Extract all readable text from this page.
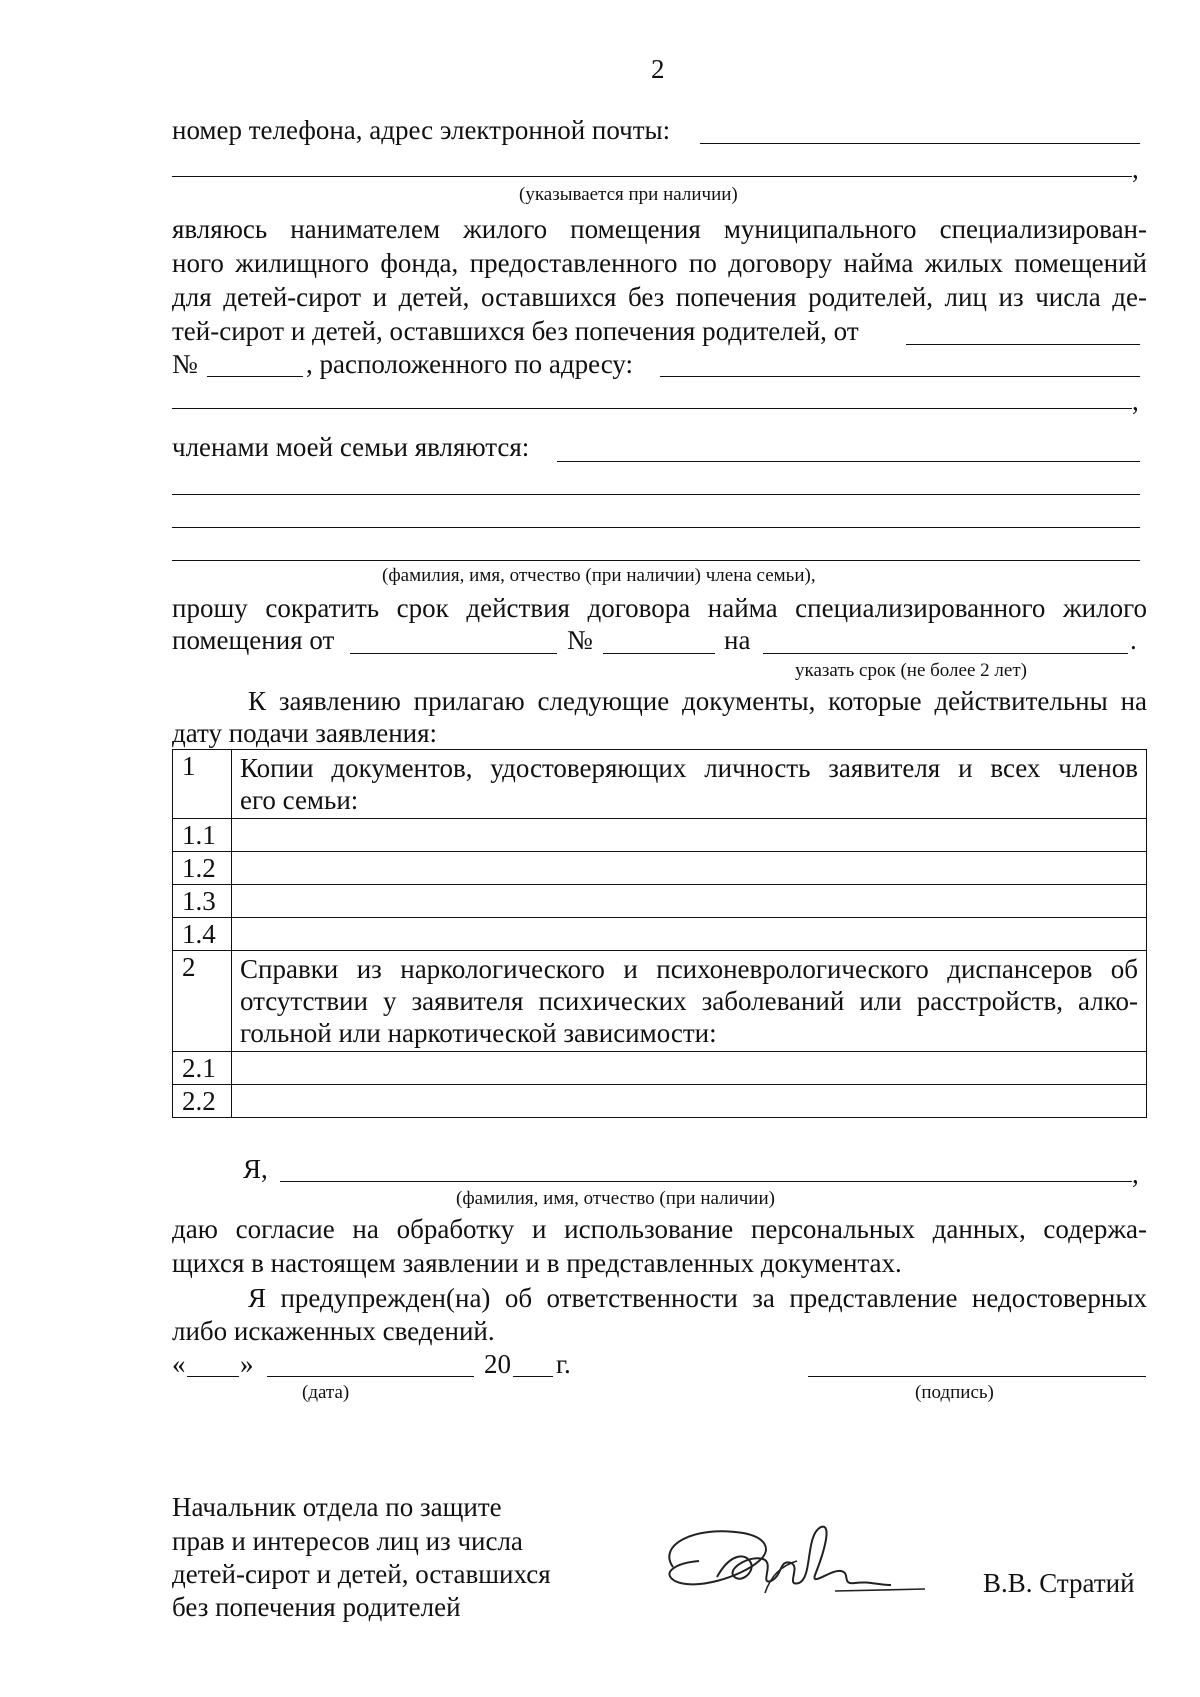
2
номер телефона, адрес электронной почты:
,
(указывается при наличии)
являюсь нанимателем жилого помещения муниципального специализирован-
ного жилищного фонда, предоставленного по договору найма жилых помещений
для детей-сирот и детей, оставшихся без попечения родителей, лиц из числа де-
тей-сирот и детей, оставшихся без попечения родителей, от
№	, расположенного по адресу:
,
членами моей семьи являются:
(фамилия, имя, отчество (при наличии) члена семьи),
прошу сократить срок действия договора найма специализированного жилого
помещения от	№	на	.
указать срок (не более 2 лет)
К заявлению прилагаю следующие документы, которые действительны на
дату подачи заявления:
1	Копии документов, удостоверяющих личность заявителя и всех членов
его семьи:
1.1	
1.2	
1.3	
1.4	
2	Справки из наркологического и психоневрологического диспансеров об
отсутствии у заявителя психических заболеваний или расстройств, алко-
гольной или наркотической зависимости:
2.1	
2.2	
Я,	,
(фамилия, имя, отчество (при наличии)
даю согласие на обработку и использование персональных данных, содержа-
щихся в настоящем заявлении и в представленных документах.
Я предупрежден(на) об ответственности за представление недостоверных
либо искаженных сведений.
« »	20 г.
(дата)	(подпись)
Начальник отдела по защите
прав и интересов лиц из числа
детей-сирот и детей, оставшихся
без попечения родителей
В.В. Стратий
